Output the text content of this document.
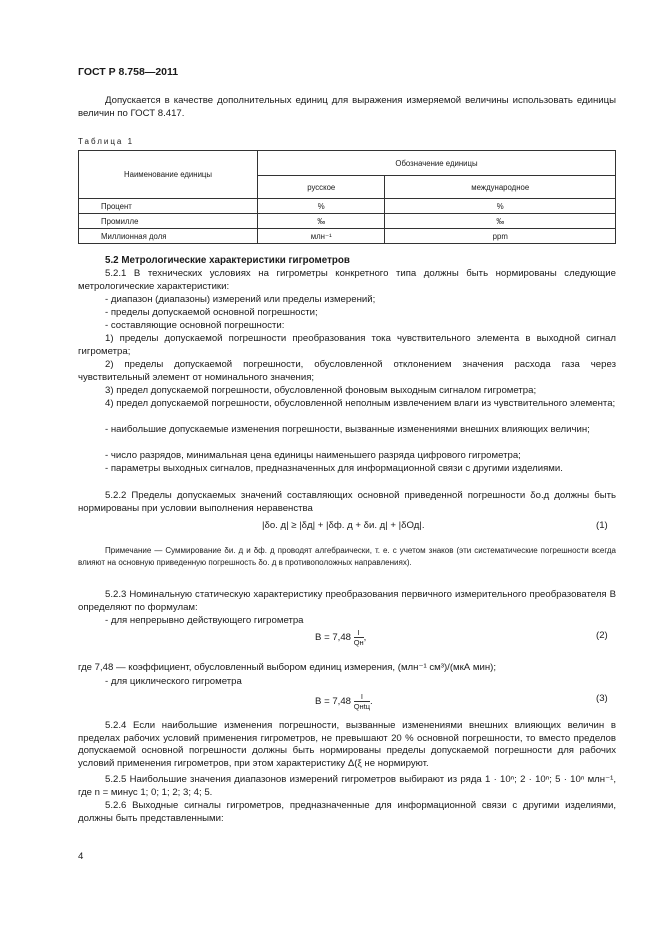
ГОСТ Р 8.758—2011
Допускается в качестве дополнительных единиц для выражения измеряемой величины использовать единицы величин по ГОСТ 8.417.
Таблица 1
Наименование единицы	Обозначение единицы	
	русское	международное
Процент	%	%
Промилле	‰	‰
Миллионная доля	млн⁻¹	ppm
5.2 Метрологические характеристики гигрометров
5.2.1 В технических условиях на гигрометры конкретного типа должны быть нормированы следующие метрологические характеристики:
- диапазон (диапазоны) измерений или пределы измерений;
- пределы допускаемой основной погрешности;
- составляющие основной погрешности:
1) пределы допускаемой погрешности преобразования тока чувствительного элемента в выходной сигнал гигрометра;
2) пределы допускаемой погрешности, обусловленной отклонением значения расхода газа через чувствительный элемент от номинального значения;
3) предел допускаемой погрешности, обусловленной фоновым выходным сигналом гигрометра;
4) предел допускаемой погрешности, обусловленной неполным извлечением влаги из чувствительного элемента;
- наибольшие допускаемые изменения погрешности, вызванные изменениями внешних влияющих величин;
- число разрядов, минимальная цена единицы наименьшего разряда цифрового гигрометра;
- параметры выходных сигналов, предназначенных для информационной связи с другими изделиями.
5.2.2 Пределы допускаемых значений составляющих основной приведенной погрешности δо.д должны быть нормированы при условии выполнения неравенства
|δо. д| ≥ |δд| + |δф. д + δи. д| + |δОд|.	(1)
Примечание — Суммирование δи. д и δф. д проводят алгебраически, т. е. с учетом знаков (эти систематические погрешности всегда влияют на основную приведенную погрешность δо. д в противоположных направлениях).
5.2.3 Номинальную статическую характеристику преобразования первичного измерительного преобразователя B определяют по формулам:
- для непрерывно действующего гигрометра
$B = 7,48 \frac{I}{Qн}$ ,	(2)
где 7,48 — коэффициент, обусловленный выбором единиц измерения, (млн⁻¹ см³)/(мкА мин);
- для циклического гигрометра
$B = 7,48 \frac{I}{\text{Qнtц}}$ .	(3)
5.2.4 Если наибольшие изменения погрешности, вызванные изменениями внешних влияющих величин в пределах рабочих условий применения гигрометров, не превышают 20 % основной погрешности, то вместо пределов допускаемой основной погрешности должны быть нормированы пределы допускаемой погрешности для рабочих условий применения гигрометров, при этом характеристику Δ(ξ не нормируют.
5.2.5 Наибольшие значения диапазонов измерений гигрометров выбирают из ряда 1 · 10ⁿ; 2 · 10ⁿ; 5 · 10ⁿ млн⁻¹, где n = минус 1; 0; 1; 2; 3; 4; 5.
5.2.6 Выходные сигналы гигрометров, предназначенные для информационной связи с другими изделиями, должны быть представленными:
4
